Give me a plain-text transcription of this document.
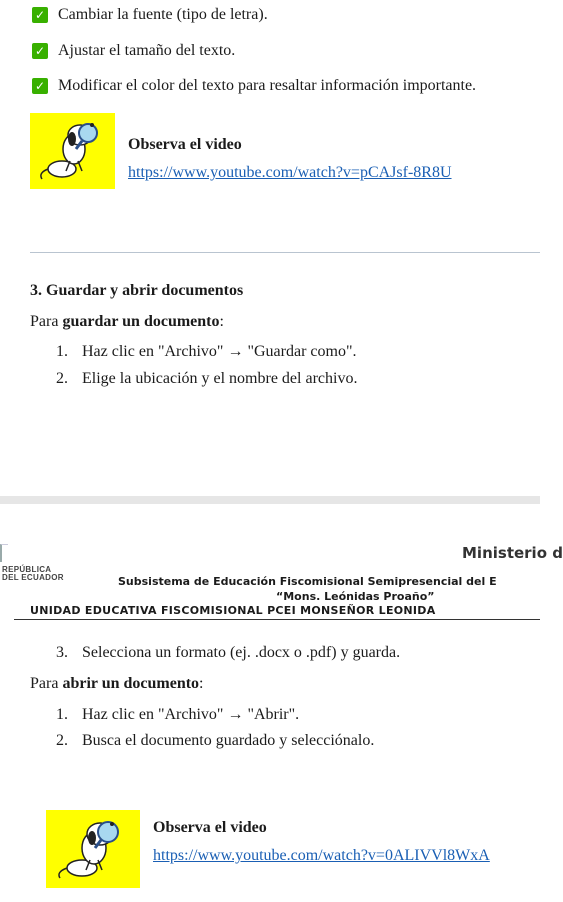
✓ Cambiar la fuente (tipo de letra).
✓ Ajustar el tamaño del texto.
✓ Modificar el color del texto para resaltar información importante.
Observa el video
https://www.youtube.com/watch?v=pCAJsf-8R8U
3. Guardar y abrir documentos
Para guardar un documento:
1. Haz clic en "Archivo" → "Guardar como".
2. Elige la ubicación y el nombre del archivo.
REPÚBLICA
DEL ECUADOR
Ministerio d
Subsistema de Educación Fiscomisional Semipresencial del E
“Mons. Leónidas Proaño”
UNIDAD EDUCATIVA FISCOMISIONAL PCEI MONSEÑOR LEONIDA
3. Selecciona un formato (ej. .docx o .pdf) y guarda.
Para abrir un documento:
1. Haz clic en "Archivo" → "Abrir".
2. Busca el documento guardado y selecciónalo.
Observa el video
https://www.youtube.com/watch?v=0ALIVVl8WxA
